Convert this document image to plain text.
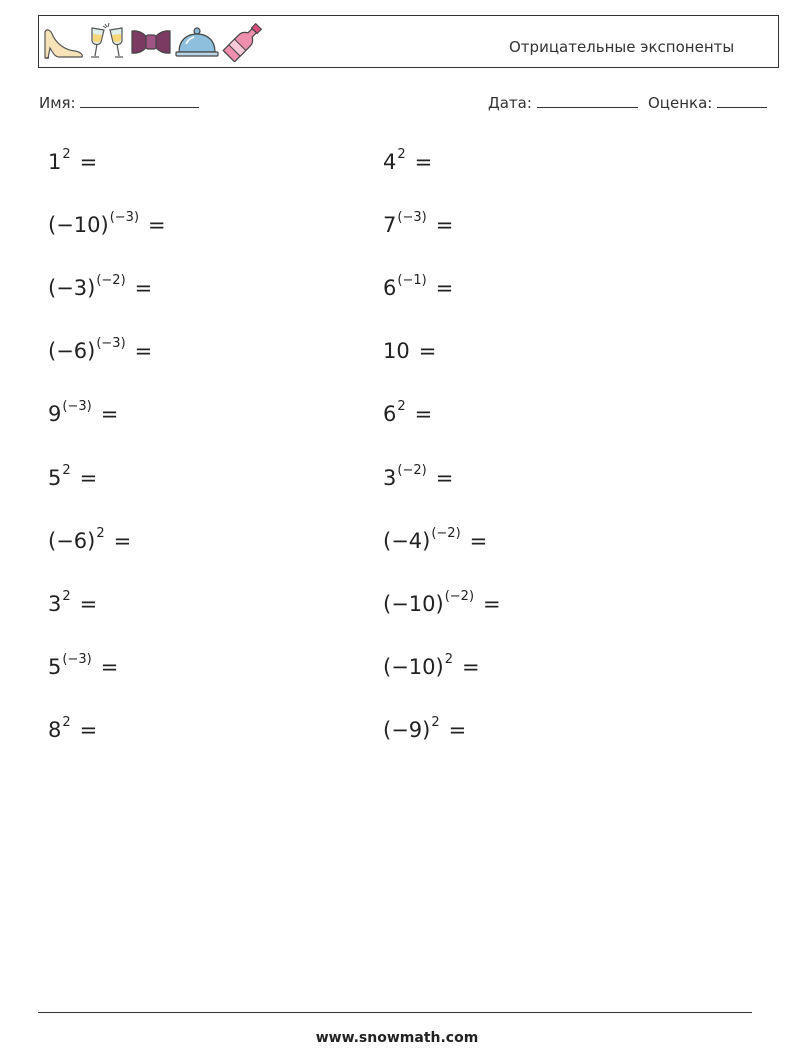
Отрицательные экспоненты
Имя:	Дата:	Оценка:
$1^2$ =
$(-10)^{(-3)}$ =
$(-3)^{(-2)}$ =
$(-6)^{(-3)}$ =
$9^{(-3)}$ =
$5^2$ =
$(-6)^2$ =
$3^2$ =
$5^{(-3)}$ =
$8^2$ =
$4^2$ =
$7^{(-3)}$ =
$6^{(-1)}$ =
10 =
$6^2$ =
$3^{(-2)}$ =
$(-4)^{(-2)}$ =
$(-10)^{(-2)}$ =
$(-10)^2$ =
$(-9)^2$ =
www.snowmath.com
